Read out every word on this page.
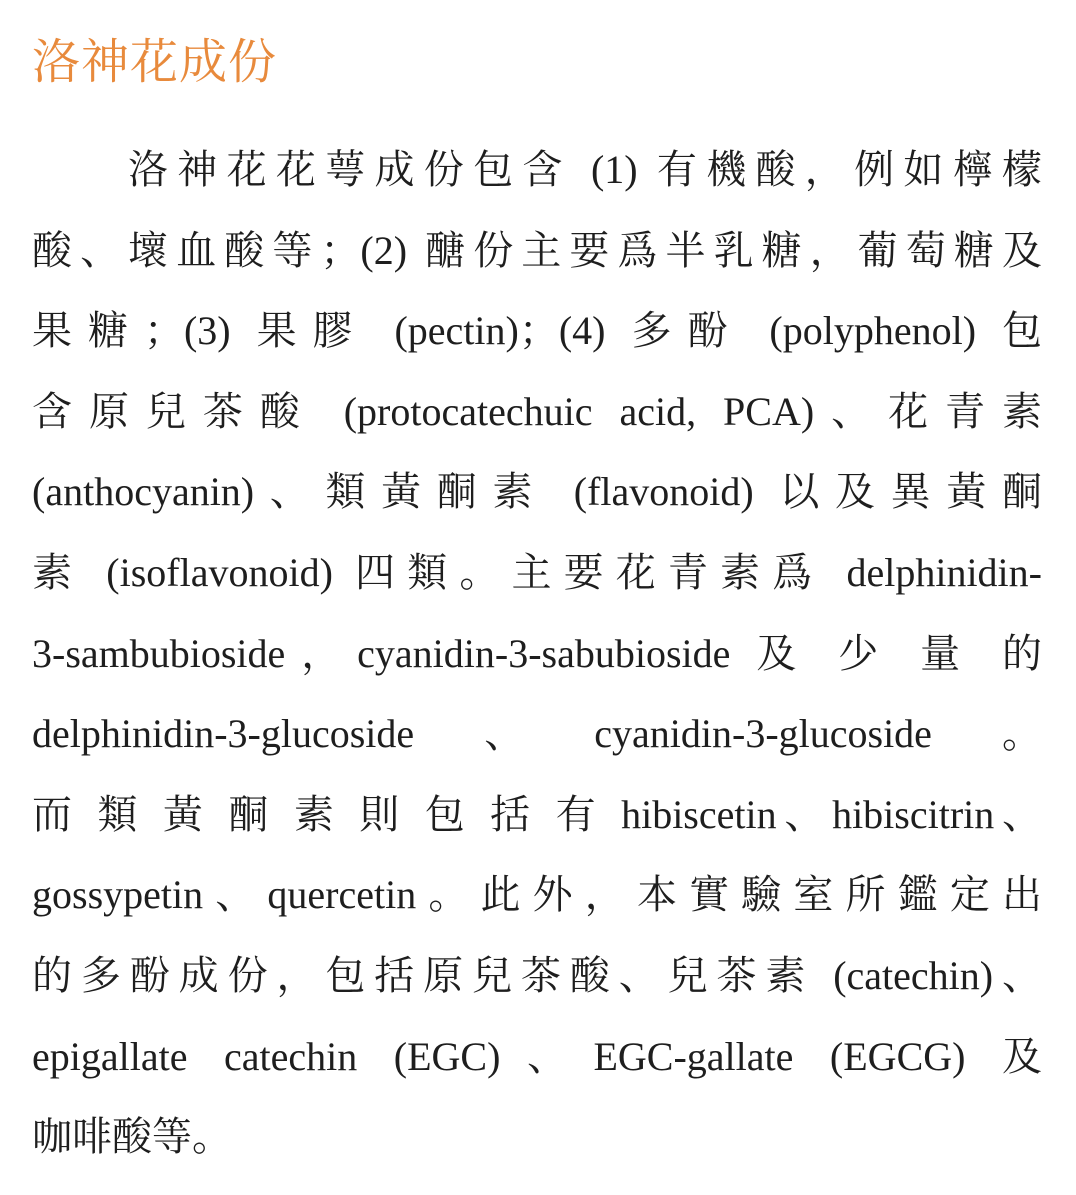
洛神花成份
洛神花花萼成份包含 (1) 有機酸，例如檸檬
酸、壞血酸等；(2) 醣份主要爲半乳糖，葡萄糖及
果糖；(3) 果膠 (pectin)；(4) 多酚 (polyphenol) 包
含原兒茶酸 (protocatechuic acid, PCA)、花青素
(anthocyanin)、類黃酮素 (flavonoid) 以及異黃酮
素 (isoflavonoid) 四類。主要花青素爲 delphinidin-
3-sambubioside，cyanidin-3-sabubioside 及 少 量 的
delphinidin-3-glucoside、cyanidin-3-glucoside。
而 類 黃 酮 素 則 包 括 有 hibiscetin、hibiscitrin、
gossypetin、quercetin。此外，本實驗室所鑑定出
的多酚成份，包括原兒茶酸、兒茶素 (catechin)、
epigallate catechin (EGC)、EGC-gallate (EGCG) 及
咖啡酸等。
